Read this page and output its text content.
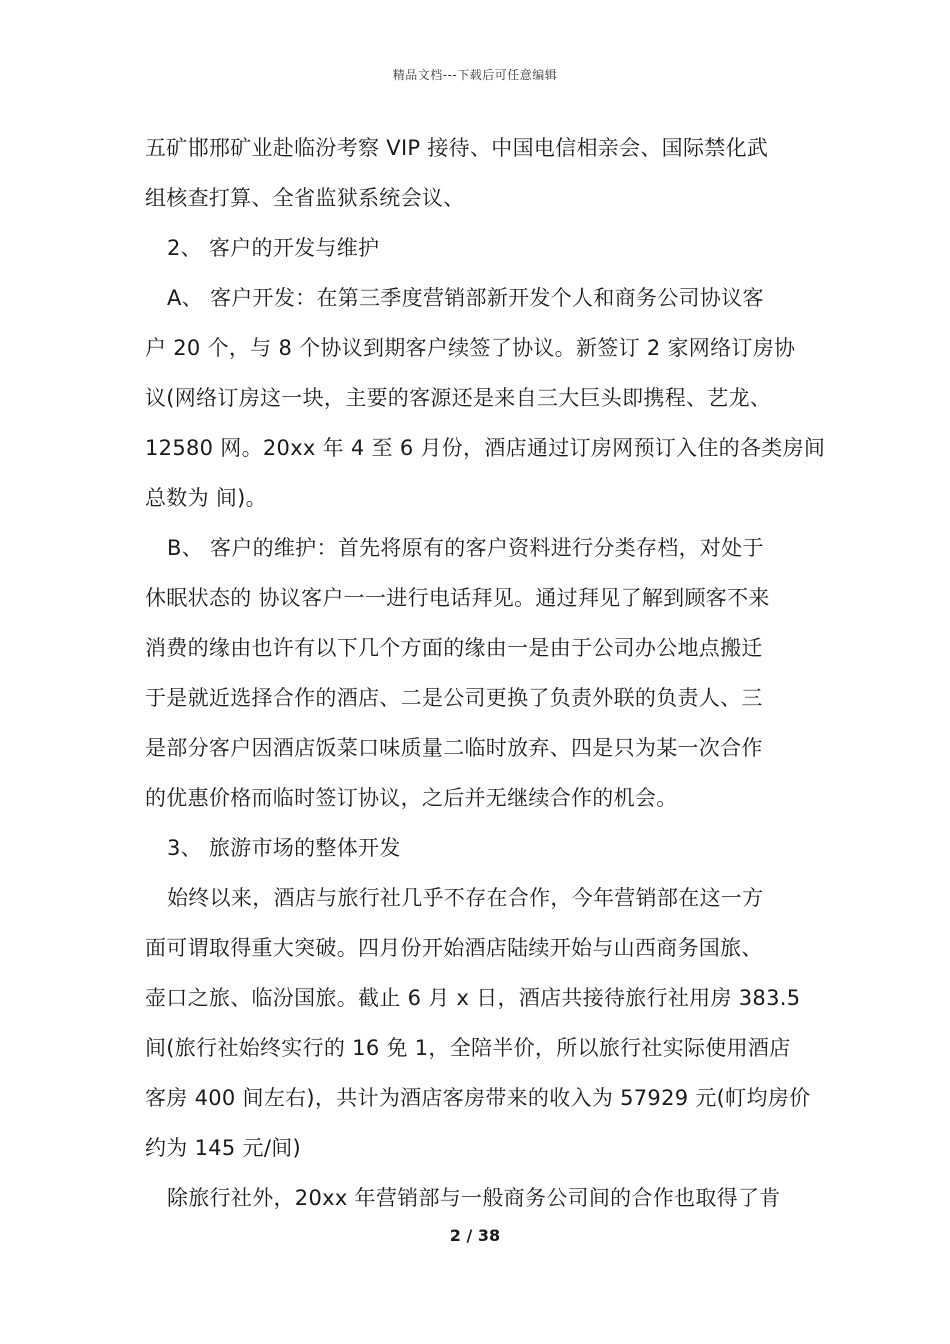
精品文档---下载后可任意编辑
五矿邯邢矿业赴临汾考察 VIP 接待、中国电信相亲会、国际禁化武
组核查打算、全省监狱系统会议、
2、 客户的开发与维护
A、 客户开发：在第三季度营销部新开发个人和商务公司协议客
户 20 个，与 8 个协议到期客户续签了协议。新签订 2 家网络订房协
议(网络订房这一块，主要的客源还是来自三大巨头即携程、艺龙、
12580 网。20xx 年 4 至 6 月份，酒店通过订房网预订入住的各类房间
总数为 间)。
B、 客户的维护：首先将原有的客户资料进行分类存档，对处于
休眠状态的 协议客户一一进行电话拜见。通过拜见了解到顾客不来
消费的缘由也许有以下几个方面的缘由一是由于公司办公地点搬迁
于是就近选择合作的酒店、二是公司更换了负责外联的负责人、三
是部分客户因酒店饭菜口味质量二临时放弃、四是只为某一次合作
的优惠价格而临时签订协议，之后并无继续合作的机会。
3、 旅游市场的整体开发
始终以来，酒店与旅行社几乎不存在合作，今年营销部在这一方
面可谓取得重大突破。四月份开始酒店陆续开始与山西商务国旅、
壶口之旅、临汾国旅。截止 6 月 x 日，酒店共接待旅行社用房 383.5
间(旅行社始终实行的 16 免 1，全陪半价，所以旅行社实际使用酒店
客房 400 间左右)，共计为酒店客房带来的收入为 57929 元(帄均房价
约为 145 元/间)
除旅行社外，20xx 年营销部与一般商务公司间的合作也取得了肯
2 / 38
